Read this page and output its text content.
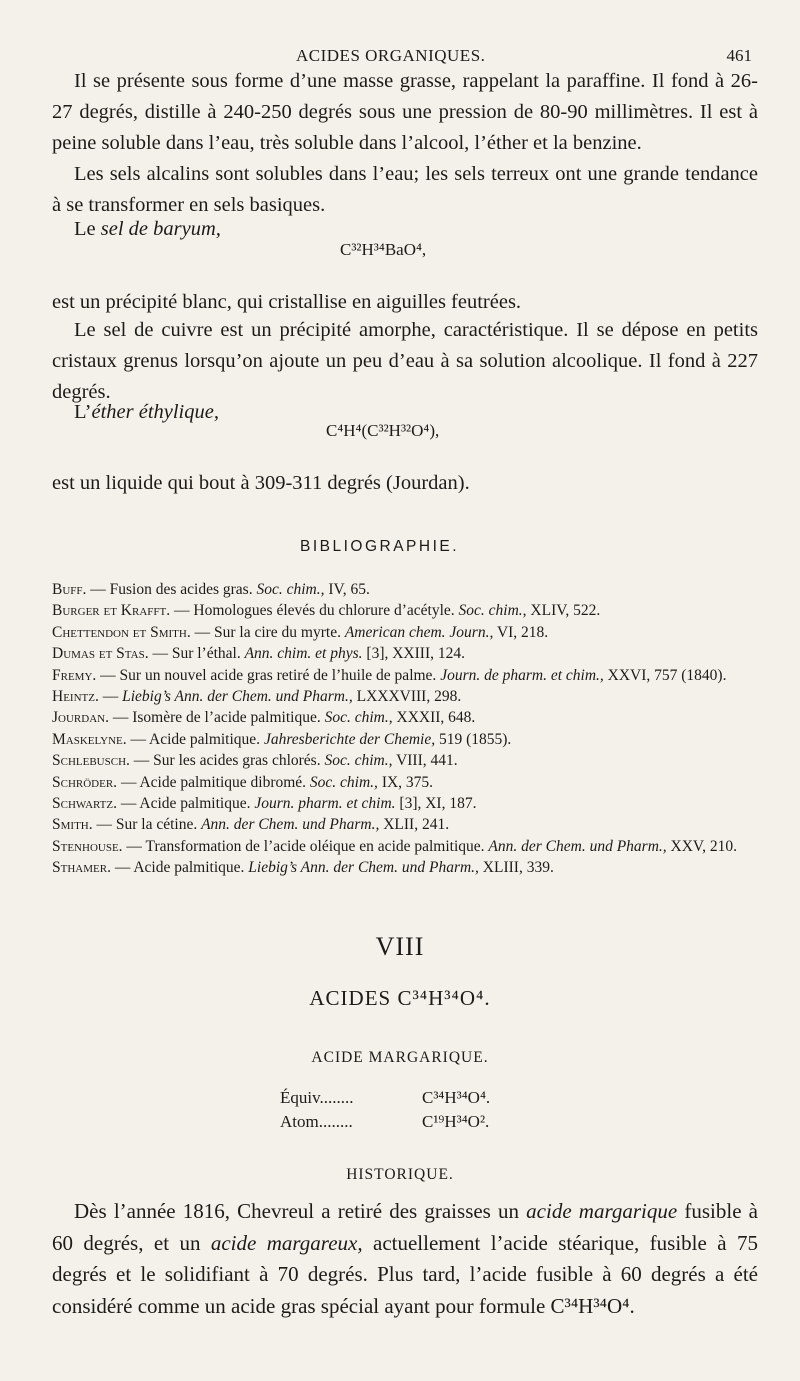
ACIDES ORGANIQUES.	461

Il se présente sous forme d’une masse grasse, rappelant la paraffine. Il fond à 26-27 degrés, distille à 240-250 degrés sous une pression de 80-90 millimètres. Il est à peine soluble dans l’eau, très soluble dans l’alcool, l’éther et la benzine.

Les sels alcalins sont solubles dans l’eau; les sels terreux ont une grande tendance à se transformer en sels basiques.

Le sel de baryum,
C³²H³⁴BaO⁴,

est un précipité blanc, qui cristallise en aiguilles feutrées.

Le sel de cuivre est un précipité amorphe, caractéristique. Il se dépose en petits cristaux grenus lorsqu’on ajoute un peu d’eau à sa solution alcoolique. Il fond à 227 degrés.

L’éther éthylique,
C⁴H⁴(C³²H³²O⁴),

est un liquide qui bout à 309-311 degrés (Jourdan).

BIBLIOGRAPHIE.
Buff. — Fusion des acides gras. Soc. chim., IV, 65.
Burger et Krafft. — Homologues élevés du chlorure d’acétyle. Soc. chim., XLIV, 522.
Chettendon et Smith. — Sur la cire du myrte. American chem. Journ., VI, 218.
Dumas et Stas. — Sur l’éthal. Ann. chim. et phys. [3], XXIII, 124.
Fremy. — Sur un nouvel acide gras retiré de l’huile de palme. Journ. de pharm. et chim., XXVI, 757 (1840).
Heintz. — Liebig’s Ann. der Chem. und Pharm., LXXXVIII, 298.
Jourdan. — Isomère de l’acide palmitique. Soc. chim., XXXII, 648.
Maskelyne. — Acide palmitique. Jahresberichte der Chemie, 519 (1855).
Schlebusch. — Sur les acides gras chlorés. Soc. chim., VIII, 441.
Schröder. — Acide palmitique dibromé. Soc. chim., IX, 375.
Schwartz. — Acide palmitique. Journ. pharm. et chim. [3], XI, 187.
Smith. — Sur la cétine. Ann. der Chem. und Pharm., XLII, 241.
Stenhouse. — Transformation de l’acide oléique en acide palmitique. Ann. der Chem. und Pharm., XXV, 210.
Sthamer. — Acide palmitique. Liebig’s Ann. der Chem. und Pharm., XLIII, 339.
VIII
ACIDES C³⁴H³⁴O⁴.
ACIDE MARGARIQUE.
Équiv........	C³⁴H³⁴O⁴.
Atom........	C¹⁹H³⁴O².
HISTORIQUE.

Dès l’année 1816, Chevreul a retiré des graisses un acide margarique fusible à 60 degrés, et un acide margareux, actuellement l’acide stéarique, fusible à 75 degrés et le solidifiant à 70 degrés. Plus tard, l’acide fusible à 60 degrés a été considéré comme un acide gras spécial ayant pour formule C³⁴H³⁴O⁴.
